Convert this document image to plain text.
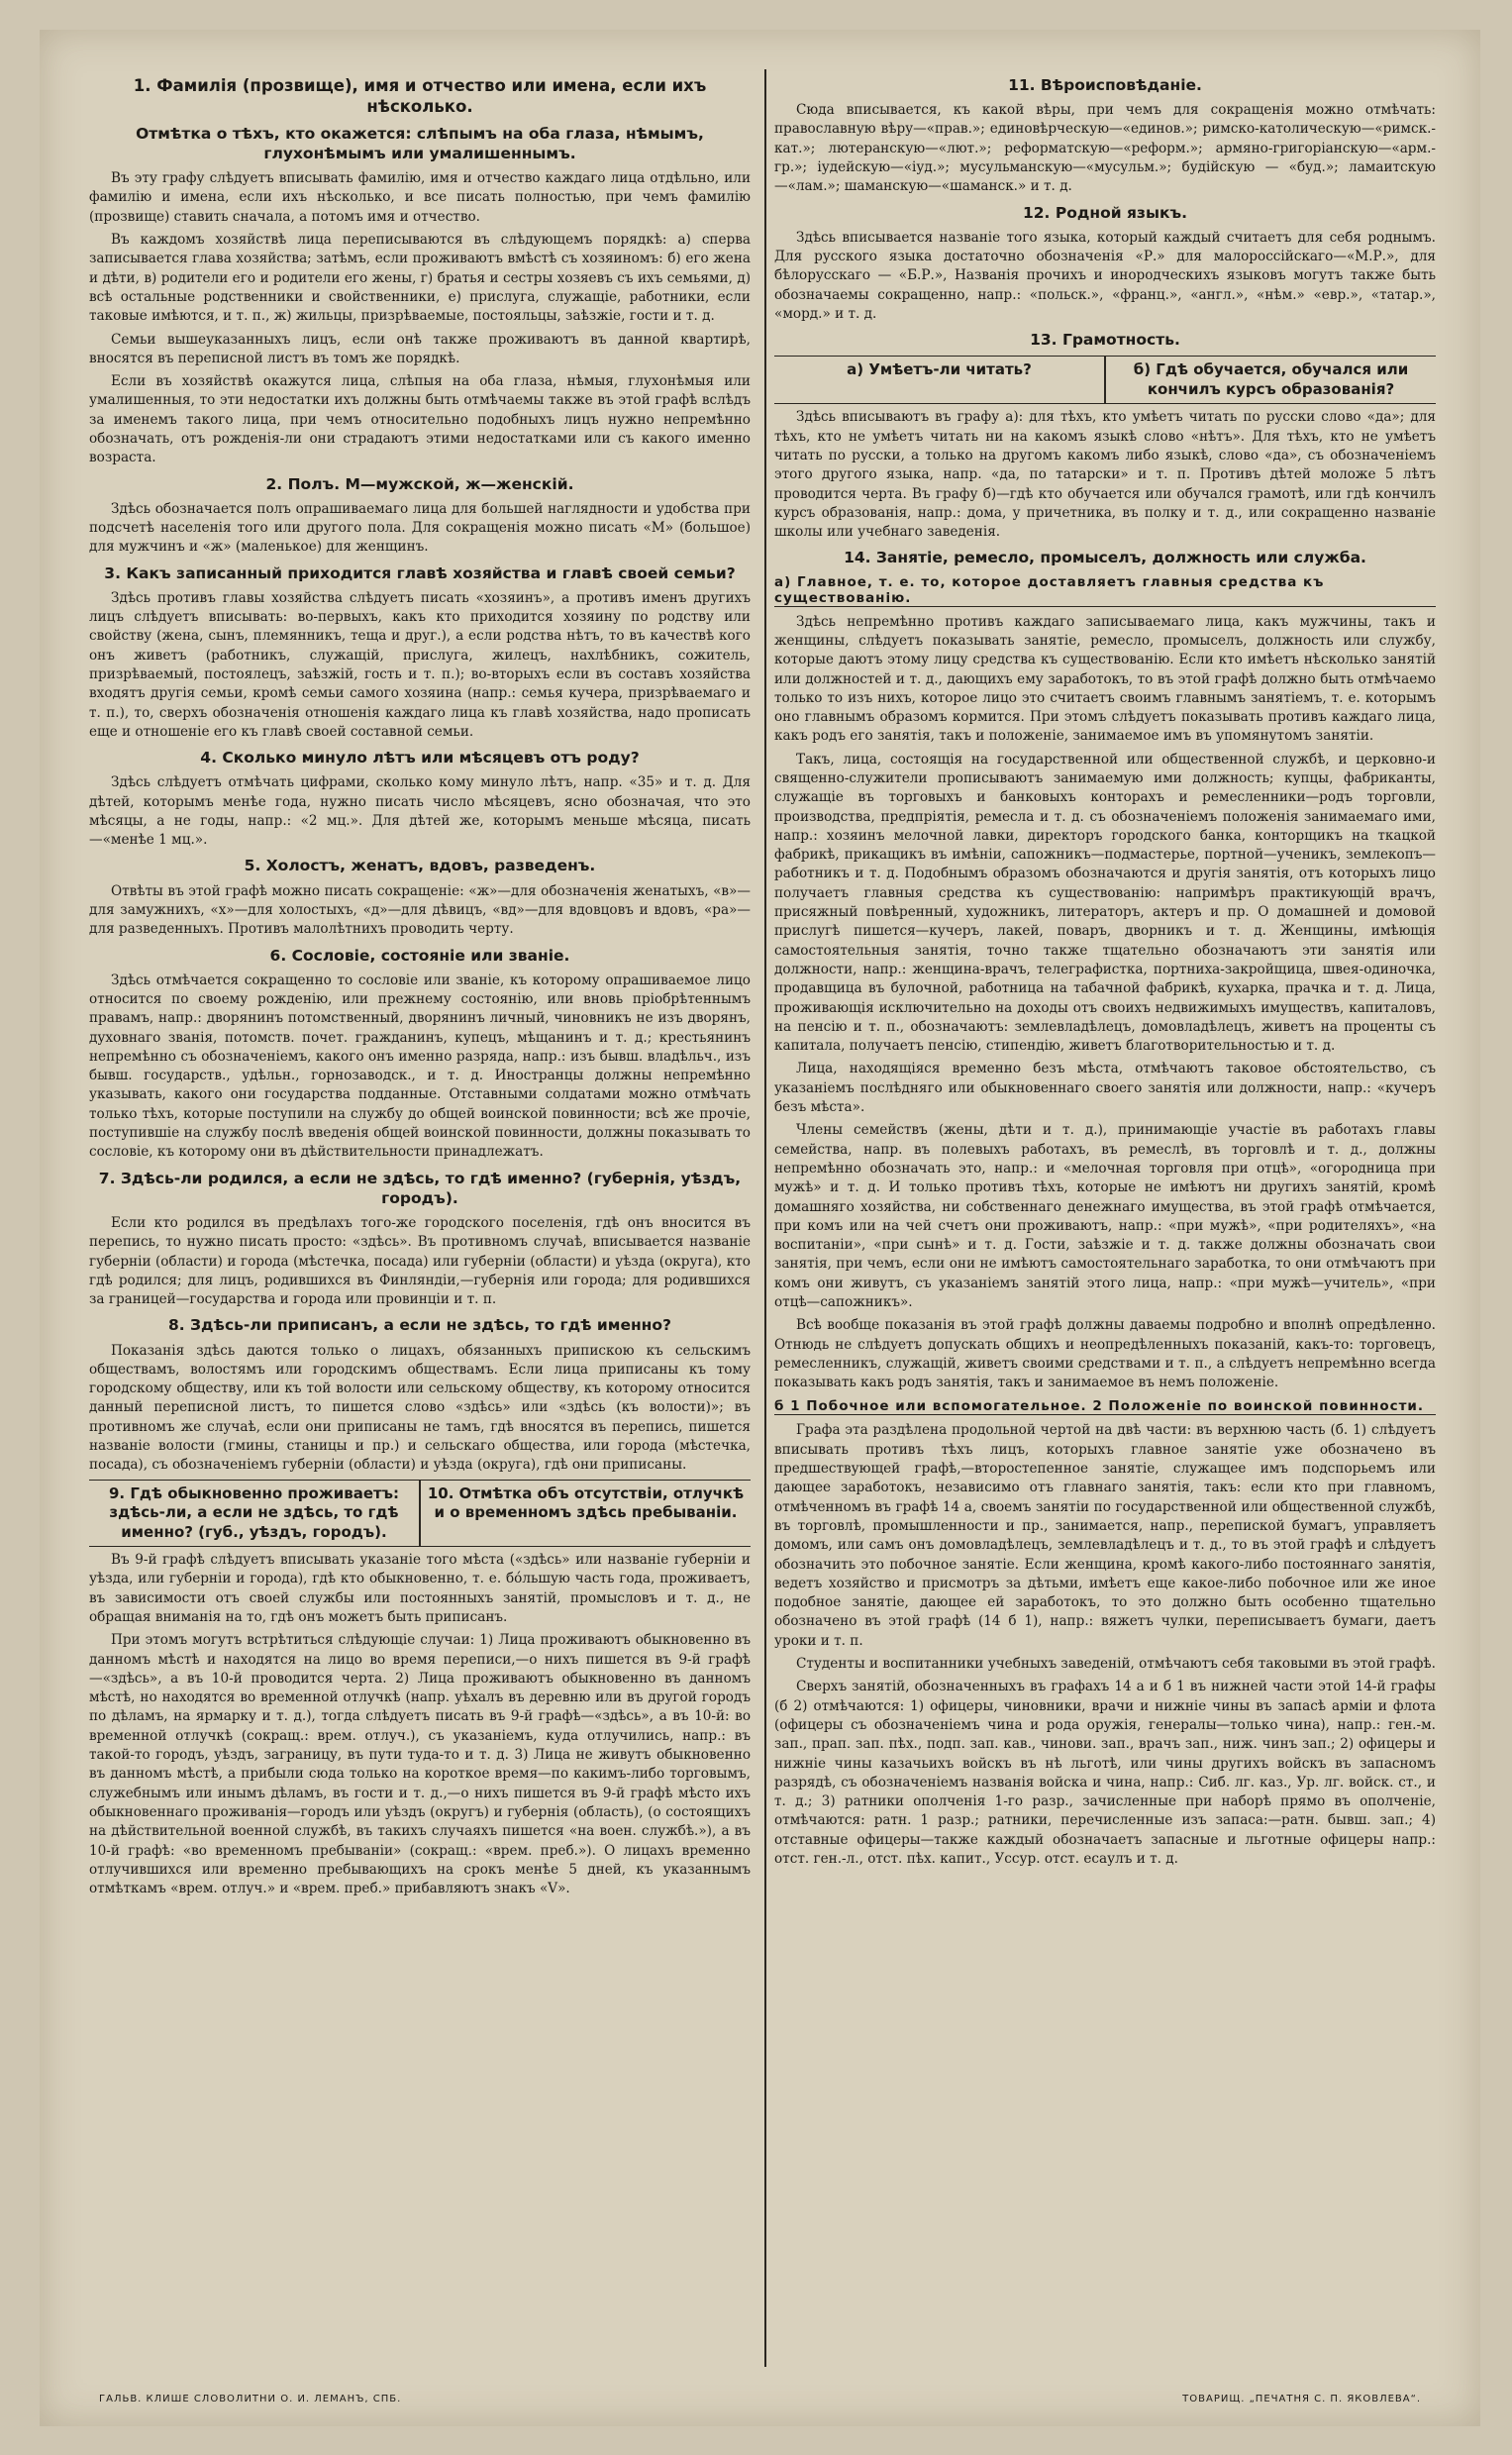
1. Фамилія (прозвище), имя и отчество или имена, если ихъ нѣсколько.
Отмѣтка о тѣхъ, кто окажется: слѣпымъ на оба глаза, нѣмымъ, глухонѣмымъ или умалишеннымъ.

Въ эту графу слѣдуетъ вписывать фамилію, имя и отчество каждаго лица отдѣльно, или фамилію и имена, если ихъ нѣсколько, и все писать полностью, при чемъ фамилію (прозвище) ставить сначала, а потомъ имя и отчество.

Въ каждомъ хозяйствѣ лица переписываются въ слѣдующемъ порядкѣ: а) сперва записывается глава хозяйства; затѣмъ, если проживаютъ вмѣстѣ съ хозяиномъ: б) его жена и дѣти, в) родители его и родители его жены, г) братья и сестры хозяевъ съ ихъ семьями, д) всѣ остальные родственники и свойственники, е) прислуга, служащіе, работники, если таковые имѣются, и т. п., ж) жильцы, призрѣваемые, постояльцы, заѣзжіе, гости и т. д.

Семьи вышеуказанныхъ лицъ, если онѣ также проживаютъ въ данной квартирѣ, вносятся въ переписной листъ въ томъ же порядкѣ.

Если въ хозяйствѣ окажутся лица, слѣпыя на оба глаза, нѣмыя, глухонѣмыя или умалишенныя, то эти недостатки ихъ должны быть отмѣчаемы также въ этой графѣ вслѣдъ за именемъ такого лица, при чемъ относительно подобныхъ лицъ нужно непремѣнно обозначать, отъ рожденія-ли они страдаютъ этими недостатками или съ какого именно возраста.

2. Полъ. М—мужской, ж—женскій.

Здѣсь обозначается полъ опрашиваемаго лица для большей наглядности и удобства при подсчетѣ населенія того или другого пола. Для сокращенія можно писать «М» (большое) для мужчинъ и «ж» (маленькое) для женщинъ.

3. Какъ записанный приходится главѣ хозяйства и главѣ своей семьи?

Здѣсь противъ главы хозяйства слѣдуетъ писать «хозяинъ», а противъ именъ другихъ лицъ слѣдуетъ вписывать: во-первыхъ, какъ кто приходится хозяину по родству или свойству (жена, сынъ, племянникъ, теща и друг.), а если родства нѣтъ, то въ качествѣ кого онъ живетъ (работникъ, служащій, прислуга, жилецъ, нахлѣбникъ, сожитель, призрѣваемый, постоялецъ, заѣзжій, гость и т. п.); во-вторыхъ если въ составъ хозяйства входятъ другія семьи, кромѣ семьи самого хозяина (напр.: семья кучера, призрѣваемаго и т. п.), то, сверхъ обозначенія отношенія каждаго лица къ главѣ хозяйства, надо прописать еще и отношеніе его къ главѣ своей составной семьи.

4. Сколько минуло лѣтъ или мѣсяцевъ отъ роду?

Здѣсь слѣдуетъ отмѣчать цифрами, сколько кому минуло лѣтъ, напр. «35» и т. д. Для дѣтей, которымъ менѣе года, нужно писать число мѣсяцевъ, ясно обозначая, что это мѣсяцы, а не годы, напр.: «2 мц.». Для дѣтей же, которымъ меньше мѣсяца, писать—«менѣе 1 мц.».

5. Холостъ, женатъ, вдовъ, разведенъ.

Отвѣты въ этой графѣ можно писать сокращеніе: «ж»—для обозначенія женатыхъ, «в»—для замужнихъ, «х»—для холостыхъ, «д»—для дѣвицъ, «вд»—для вдовцовъ и вдовъ, «ра»—для разведенныхъ. Противъ малолѣтнихъ проводить черту.

6. Сословіе, состояніе или званіе.

Здѣсь отмѣчается сокращенно то сословіе или званіе, къ которому опрашиваемое лицо относится по своему рожденію, или прежнему состоянію, или вновь пріобрѣтеннымъ правамъ, напр.: дворянинъ потомственный, дворянинъ личный, чиновникъ не изъ дворянъ, духовнаго званія, потомств. почет. гражданинъ, купецъ, мѣщанинъ и т. д.; крестьянинъ непремѣнно съ обозначеніемъ, какого онъ именно разряда, напр.: изъ бывш. владѣльч., изъ бывш. государств., удѣльн., горнозаводск., и т. д. Иностранцы должны непремѣнно указывать, какого они государства подданные. Отставными солдатами можно отмѣчать только тѣхъ, которые поступили на службу до общей воинской повинности; всѣ же прочіе, поступившіе на службу послѣ введенія общей воинской повинности, должны показывать то сословіе, къ которому они въ дѣйствительности принадлежатъ.

7. Здѣсь-ли родился, а если не здѣсь, то гдѣ именно? (губернія, уѣздъ, городъ).

Если кто родился въ предѣлахъ того-же городского поселенія, гдѣ онъ вносится въ перепись, то нужно писать просто: «здѣсь». Въ противномъ случаѣ, вписывается названіе губерніи (области) и города (мѣстечка, посада) или губерніи (области) и уѣзда (округа), кто гдѣ родился; для лицъ, родившихся въ Финляндіи,—губернія или города; для родившихся за границей—государства и города или провинціи и т. п.

8. Здѣсь-ли приписанъ, а если не здѣсь, то гдѣ именно?

Показанія здѣсь даются только о лицахъ, обязанныхъ припискою къ сельскимъ обществамъ, волостямъ или городскимъ обществамъ. Если лица приписаны къ тому городскому обществу, или къ той волости или сельскому обществу, къ которому относится данный переписной листъ, то пишется слово «здѣсь» или «здѣсь (къ волости)»; въ противномъ же случаѣ, если они приписаны не тамъ, гдѣ вносятся въ перепись, пишется названіе волости (гмины, станицы и пр.) и сельскаго общества, или города (мѣстечка, посада), съ обозначеніемъ губерніи (области) и уѣзда (округа), гдѣ они приписаны.

9. Гдѣ обыкновенно проживаетъ: здѣсь-ли, а если не здѣсь, то гдѣ именно? (губ., уѣздъ, городъ).
10. Отмѣтка объ отсутствіи, отлучкѣ и о временномъ здѣсь пребываніи.

Въ 9-й графѣ слѣдуетъ вписывать указаніе того мѣста («здѣсь» или названіе губерніи и уѣзда, или губерніи и города), гдѣ кто обыкновенно, т. е. бóльшую часть года, проживаетъ, въ зависимости отъ своей службы или постоянныхъ занятій, промысловъ и т. д., не обращая вниманія на то, гдѣ онъ можетъ быть приписанъ.

При этомъ могутъ встрѣтиться слѣдующіе случаи: 1) Лица проживаютъ обыкновенно въ данномъ мѣстѣ и находятся на лицо во время переписи,—о нихъ пишется въ 9-й графѣ—«здѣсь», а въ 10-й проводится черта. 2) Лица проживаютъ обыкновенно въ данномъ мѣстѣ, но находятся во временной отлучкѣ (напр. уѣхалъ въ деревню или въ другой городъ по дѣламъ, на ярмарку и т. д.), тогда слѣдуетъ писать въ 9-й графѣ—«здѣсь», а въ 10-й: во временной отлучкѣ (сокращ.: врем. отлуч.), съ указаніемъ, куда отлучились, напр.: въ такой-то городъ, уѣздъ, заграницу, въ пути туда-то и т. д. 3) Лица не живутъ обыкновенно въ данномъ мѣстѣ, а прибыли сюда только на короткое время—по какимъ-либо торговымъ, служебнымъ или инымъ дѣламъ, въ гости и т. д.,—о нихъ пишется въ 9-й графѣ мѣсто ихъ обыкновеннаго проживанія—городъ или уѣздъ (округъ) и губернія (область), (о состоящихъ на дѣйствительной военной службѣ, въ такихъ случаяхъ пишется «на воен. службѣ.»), а въ 10-й графѣ: «во временномъ пребываніи» (сокращ.: «врем. преб.»). О лицахъ временно отлучившихся или временно пребывающихъ на срокъ менѣе 5 дней, къ указаннымъ отмѣткамъ «врем. отлуч.» и «врем. преб.» прибавляютъ знакъ «V».

11. Вѣроисповѣданіе.

Сюда вписывается, къ какой вѣры, при чемъ для сокращенія можно отмѣчать: православную вѣру—«прав.»; единовѣрческую—«единов.»; римско-католическую—«римск.-кат.»; лютеранскую—«лют.»; реформатскую—«реформ.»; армяно-григоріанскую—«арм.-гр.»; іудейскую—«іуд.»; мусульманскую—«мусульм.»; будійскую — «буд.»; ламаитскую—«лам.»; шаманскую—«шаманск.» и т. д.

12. Родной языкъ.

Здѣсь вписывается названіе того языка, который каждый считаетъ для себя роднымъ. Для русского языка достаточно обозначенія «Р.» для малороссійскаго—«М.Р.», для бѣлорусскаго — «Б.Р.», Названія прочихъ и инородческихъ языковъ могутъ также быть обозначаемы сокращенно, напр.: «польск.», «франц.», «англ.», «нѣм.» «евр.», «татар.», «морд.» и т. д.

13. Грамотность.
а) Умѣетъ-ли читать?	б) Гдѣ обучается, обучался или кончилъ курсъ образованія?

Здѣсь вписываютъ въ графу а): для тѣхъ, кто умѣетъ читать по русски слово «да»; для тѣхъ, кто не умѣетъ читать ни на какомъ языкѣ слово «нѣтъ». Для тѣхъ, кто не умѣетъ читать по русски, а только на другомъ какомъ либо языкѣ, слово «да», съ обозначеніемъ этого другого языка, напр. «да, по татарски» и т. п. Противъ дѣтей моложе 5 лѣтъ проводится черта. Въ графу б)—гдѣ кто обучается или обучался грамотѣ, или гдѣ кончилъ курсъ образованія, напр.: дома, у причетника, въ полку и т. д., или сокращенно названіе школы или учебнаго заведенія.

14. Занятіе, ремесло, промыселъ, должность или служба.
а) Главное, т. е. то, которое доставляетъ главныя средства къ существованію.

Здѣсь непремѣнно противъ каждаго записываемаго лица, какъ мужчины, такъ и женщины, слѣдуетъ показывать занятіе, ремесло, промыселъ, должность или службу, которые даютъ этому лицу средства къ существованію. Если кто имѣетъ нѣсколько занятій или должностей и т. д., дающихъ ему заработокъ, то въ этой графѣ должно быть отмѣчаемо только то изъ нихъ, которое лицо это считаетъ своимъ главнымъ занятіемъ, т. е. которымъ оно главнымъ образомъ кормится. При этомъ слѣдуетъ показывать противъ каждаго лица, какъ родъ его занятія, такъ и положеніе, занимаемое имъ въ упомянутомъ занятіи.

Такъ, лица, состоящія на государственной или общественной службѣ, и церковно-и священно-служители прописываютъ занимаемую ими должность; купцы, фабриканты, служащіе въ торговыхъ и банковыхъ конторахъ и ремесленники—родъ торговли, производства, предпріятія, ремесла и т. д. съ обозначеніемъ положенія занимаемаго ими, напр.: хозяинъ мелочной лавки, директоръ городского банка, конторщикъ на ткацкой фабрикѣ, прикащикъ въ имѣніи, сапожникъ—подмастерье, портной—ученикъ, землекопъ—работникъ и т. д. Подобнымъ образомъ обозначаются и другія занятія, отъ которыхъ лицо получаетъ главныя средства къ существованію: напримѣръ практикующій врачъ, присяжный повѣренный, художникъ, литераторъ, актеръ и пр. О домашней и домовой прислугѣ пишется—кучеръ, лакей, поваръ, дворникъ и т. д. Женщины, имѣющія самостоятельныя занятія, точно также тщательно обозначаютъ эти занятія или должности, напр.: женщина-врачъ, телеграфистка, портниха-закройщица, швея-одиночка, продавщица въ булочной, работница на табачной фабрикѣ, кухарка, прачка и т. д. Лица, проживающія исключительно на доходы отъ своихъ недвижимыхъ имуществъ, капиталовъ, на пенсію и т. п., обозначаютъ: землевладѣлецъ, домовладѣлецъ, живетъ на проценты съ капитала, получаетъ пенсію, стипендію, живетъ благотворительностью и т. д.

Лица, находящіяся временно безъ мѣста, отмѣчаютъ таковое обстоятельство, съ указаніемъ послѣдняго или обыкновеннаго своего занятія или должности, напр.: «кучеръ безъ мѣста».

Члены семействъ (жены, дѣти и т. д.), принимающіе участіе въ работахъ главы семейства, напр. въ полевыхъ работахъ, въ ремеслѣ, въ торговлѣ и т. д., должны непремѣнно обозначать это, напр.: и «мелочная торговля при отцѣ», «огородница при мужѣ» и т. д. И только противъ тѣхъ, которые не имѣютъ ни другихъ занятій, кромѣ домашняго хозяйства, ни собственнаго денежнаго имущества, въ этой графѣ отмѣчается, при комъ или на чей счетъ они проживаютъ, напр.: «при мужѣ», «при родителяхъ», «на воспитаніи», «при сынѣ» и т. д. Гости, заѣзжіе и т. д. также должны обозначать свои занятія, при чемъ, если они не имѣютъ самостоятельнаго заработка, то они отмѣчаютъ при комъ они живутъ, съ указаніемъ занятій этого лица, напр.: «при мужѣ—учитель», «при отцѣ—сапожникъ».

Всѣ вообще показанія въ этой графѣ должны даваемы подробно и вполнѣ опредѣленно. Отнюдь не слѣдуетъ допускать общихъ и неопредѣленныхъ показаній, какъ-то: торговецъ, ремесленникъ, служащій, живетъ своими средствами и т. п., а слѣдуетъ непремѣнно всегда показывать какъ родъ занятія, такъ и занимаемое въ немъ положеніе.

б 1 Побочное или вспомогательное. 2 Положеніе по воинской повинности.

Графа эта раздѣлена продольной чертой на двѣ части: въ верхнюю часть (б. 1) слѣдуетъ вписывать противъ тѣхъ лицъ, которыхъ главное занятіе уже обозначено въ предшествующей графѣ,—второстепенное занятіе, служащее имъ подспорьемъ или дающее заработокъ, независимо отъ главнаго занятія, такъ: если кто при главномъ, отмѣченномъ въ графѣ 14 а, своемъ занятіи по государственной или общественной службѣ, въ торговлѣ, промышленности и пр., занимается, напр., перепиской бумагъ, управляетъ домомъ, или самъ онъ домовладѣлецъ, землевладѣлецъ и т. д., то въ этой графѣ и слѣдуетъ обозначить это побочное занятіе. Если женщина, кромѣ какого-либо постояннаго занятія, ведетъ хозяйство и присмотръ за дѣтьми, имѣетъ еще какое-либо побочное или же иное подобное занятіе, дающее ей заработокъ, то это должно быть особенно тщательно обозначено въ этой графѣ (14 б 1), напр.: вяжетъ чулки, переписываетъ бумаги, даетъ уроки и т. п.

Студенты и воспитанники учебныхъ заведеній, отмѣчаютъ себя таковыми въ этой графѣ.

Сверхъ занятій, обозначенныхъ въ графахъ 14 а и б 1 въ нижней части этой 14-й графы (б 2) отмѣчаются: 1) офицеры, чиновники, врачи и нижніе чины въ запасѣ арміи и флота (офицеры съ обозначеніемъ чина и рода оружія, генералы—только чина), напр.: ген.-м. зап., прап. зап. пѣх., подп. зап. кав., чинови. зап., врачъ зап., ниж. чинъ зап.; 2) офицеры и нижніе чины казачьихъ войскъ въ нѣ льготѣ, или чины другихъ войскъ въ запасномъ разрядѣ, съ обозначеніемъ названія войска и чина, напр.: Сиб. лг. каз., Ур. лг. войск. ст., и т. д.; 3) ратники ополченія 1-го разр., зачисленные при наборѣ прямо въ ополченіе, отмѣчаются: ратн. 1 разр.; ратники, перечисленные изъ запаса:—ратн. бывш. зап.; 4) отставные офицеры—также каждый обозначаетъ запасные и льготные офицеры напр.: отст. ген.-л., отст. пѣх. капит., Уссур. отст. есаулъ и т. д.

ГАЛЬВ. КЛИШЕ СЛОВОЛИТНИ О. И. ЛЕМАНЪ, СПБ.	ТОВАРИЩ. „ПЕЧАТНЯ С. П. ЯКОВЛЕВА“.
